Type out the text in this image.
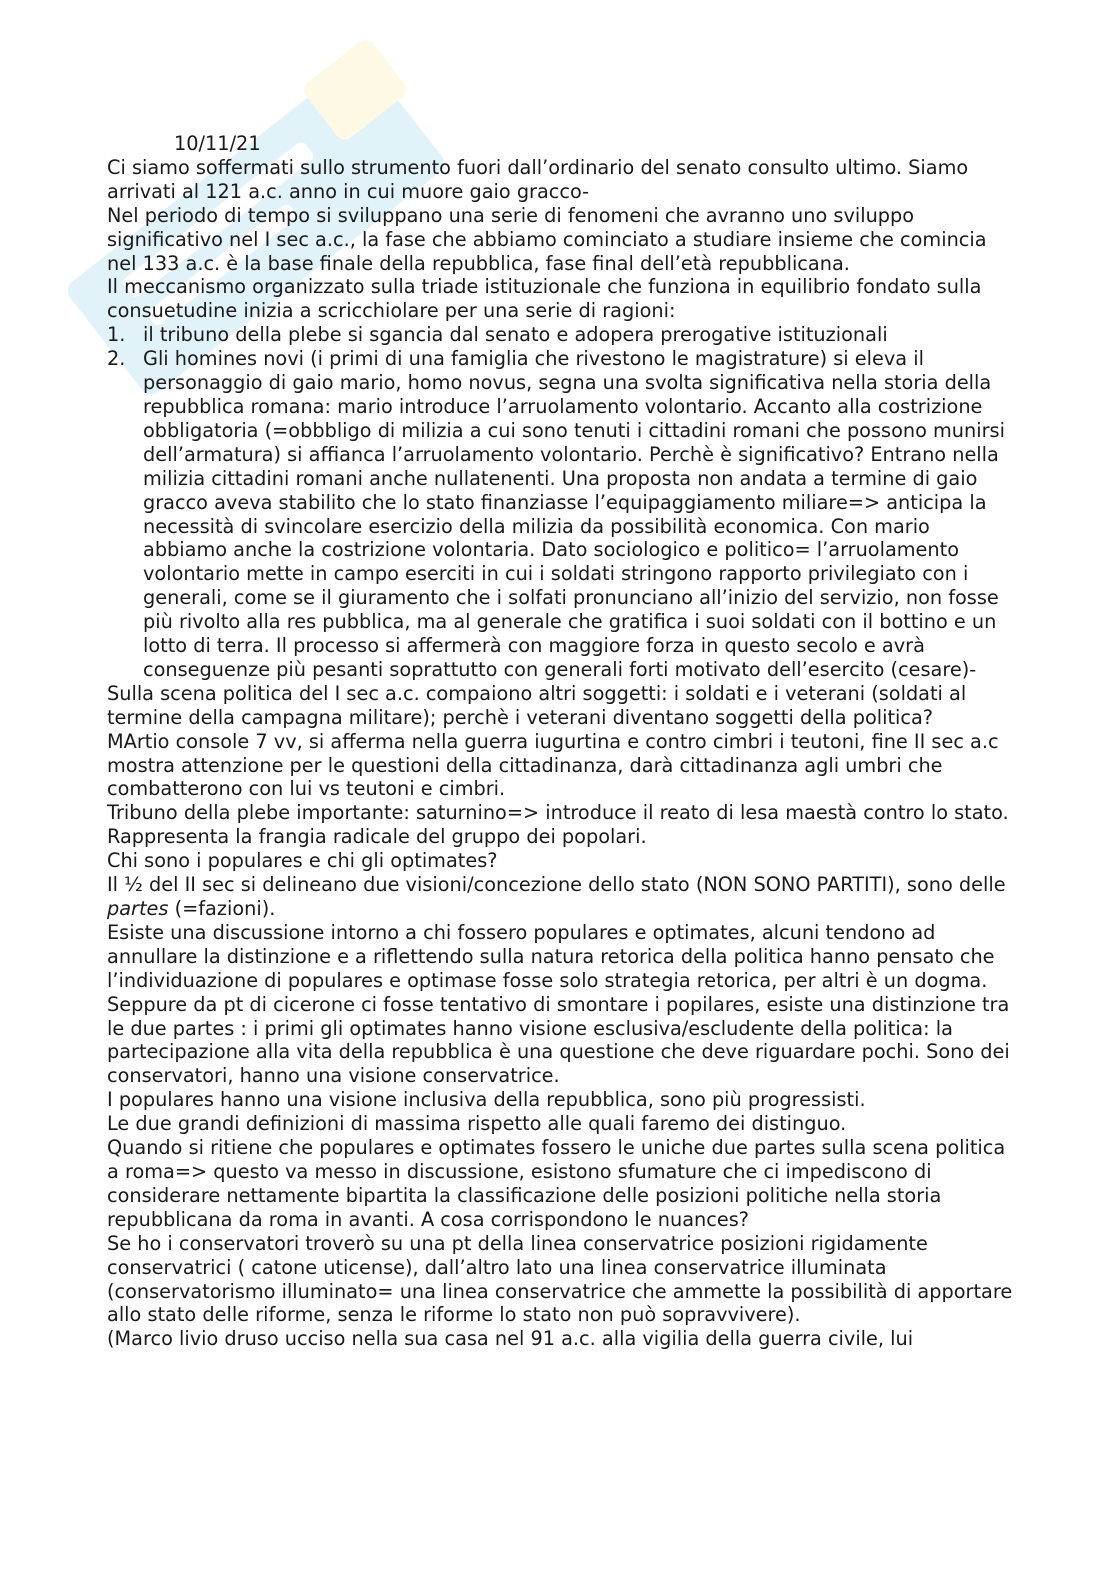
10/11/21

Ci siamo soffermati sullo strumento fuori dall’ordinario del senato consulto ultimo. Siamo arrivati al 121 a.c. anno in cui muore gaio gracco-

Nel periodo di tempo si sviluppano una serie di fenomeni che avranno uno sviluppo significativo nel I sec a.c., la fase che abbiamo cominciato a studiare insieme che comincia nel 133 a.c. è la base finale della repubblica, fase final dell’età repubblicana.

Il meccanismo organizzato sulla triade istituzionale che funziona in equilibrio fondato sulla consuetudine inizia a scricchiolare per una serie di ragioni:

1. il tribuno della plebe si sgancia dal senato e adopera prerogative istituzionali
2. Gli homines novi (i primi di una famiglia che rivestono le magistrature) si eleva il personaggio di gaio mario, homo novus, segna una svolta significativa nella storia della repubblica romana: mario introduce l’arruolamento volontario. Accanto alla costrizione obbligatoria (=obbbligo di milizia a cui sono tenuti i cittadini romani che possono munirsi dell’armatura) si affianca l’arruolamento volontario. Perchè è significativo? Entrano nella milizia cittadini romani anche nullatenenti. Una proposta non andata a termine di gaio gracco aveva stabilito che lo stato finanziasse l’equipaggiamento miliare=> anticipa la necessità di svincolare esercizio della milizia da possibilità economica. Con mario abbiamo anche la costrizione volontaria. Dato sociologico e politico= l’arruolamento volontario mette in campo eserciti in cui i soldati stringono rapporto privilegiato con i generali, come se il giuramento che i solfati pronunciano all’inizio del servizio, non fosse più rivolto alla res pubblica, ma al generale che gratifica i suoi soldati con il bottino e un lotto di terra. Il processo si affermerà con maggiore forza in questo secolo e avrà conseguenze più pesanti soprattutto con generali forti motivato dell’esercito (cesare)-

Sulla scena politica del I sec a.c. compaiono altri soggetti: i soldati e i veterani (soldati al termine della campagna militare); perchè i veterani diventano soggetti della politica?

MArtio console 7 vv, si afferma nella guerra iugurtina e contro cimbri i teutoni, fine II sec a.c mostra attenzione per le questioni della cittadinanza, darà cittadinanza agli umbri che combatterono con lui vs teutoni e cimbri.

Tribuno della plebe importante: saturnino=> introduce il reato di lesa maestà contro lo stato. Rappresenta la frangia radicale del gruppo dei popolari.

Chi sono i populares e chi gli optimates?

Il ½ del II sec si delineano due visioni/concezione dello stato (NON SONO PARTITI), sono delle partes (=fazioni).

Esiste una discussione intorno a chi fossero populares e optimates, alcuni tendono ad annullare la distinzione e a riflettendo sulla natura retorica della politica hanno pensato che l’individuazione di populares e optimase fosse solo strategia retorica, per altri è un dogma. Seppure da pt di cicerone ci fosse tentativo di smontare i popilares, esiste una distinzione tra le due partes : i primi gli optimates hanno visione esclusiva/escludente della politica: la partecipazione alla vita della repubblica è una questione che deve riguardare pochi. Sono dei conservatori, hanno una visione conservatrice.

I populares hanno una visione inclusiva della repubblica, sono più progressisti.

Le due grandi definizioni di massima rispetto alle quali faremo dei distinguo.

Quando si ritiene che populares e optimates fossero le uniche due partes sulla scena politica a roma=> questo va messo in discussione, esistono sfumature che ci impediscono di considerare nettamente bipartita la classificazione delle posizioni politiche nella storia repubblicana da roma in avanti. A cosa corrispondono le nuances?

Se ho i conservatori troverò su una pt della linea conservatrice posizioni rigidamente conservatrici ( catone uticense), dall’altro lato una linea conservatrice illuminata (conservatorismo illuminato= una linea conservatrice che ammette la possibilità di apportare allo stato delle riforme, senza le riforme lo stato non può sopravvivere).

(Marco livio druso ucciso nella sua casa nel 91 a.c. alla vigilia della guerra civile, lui
